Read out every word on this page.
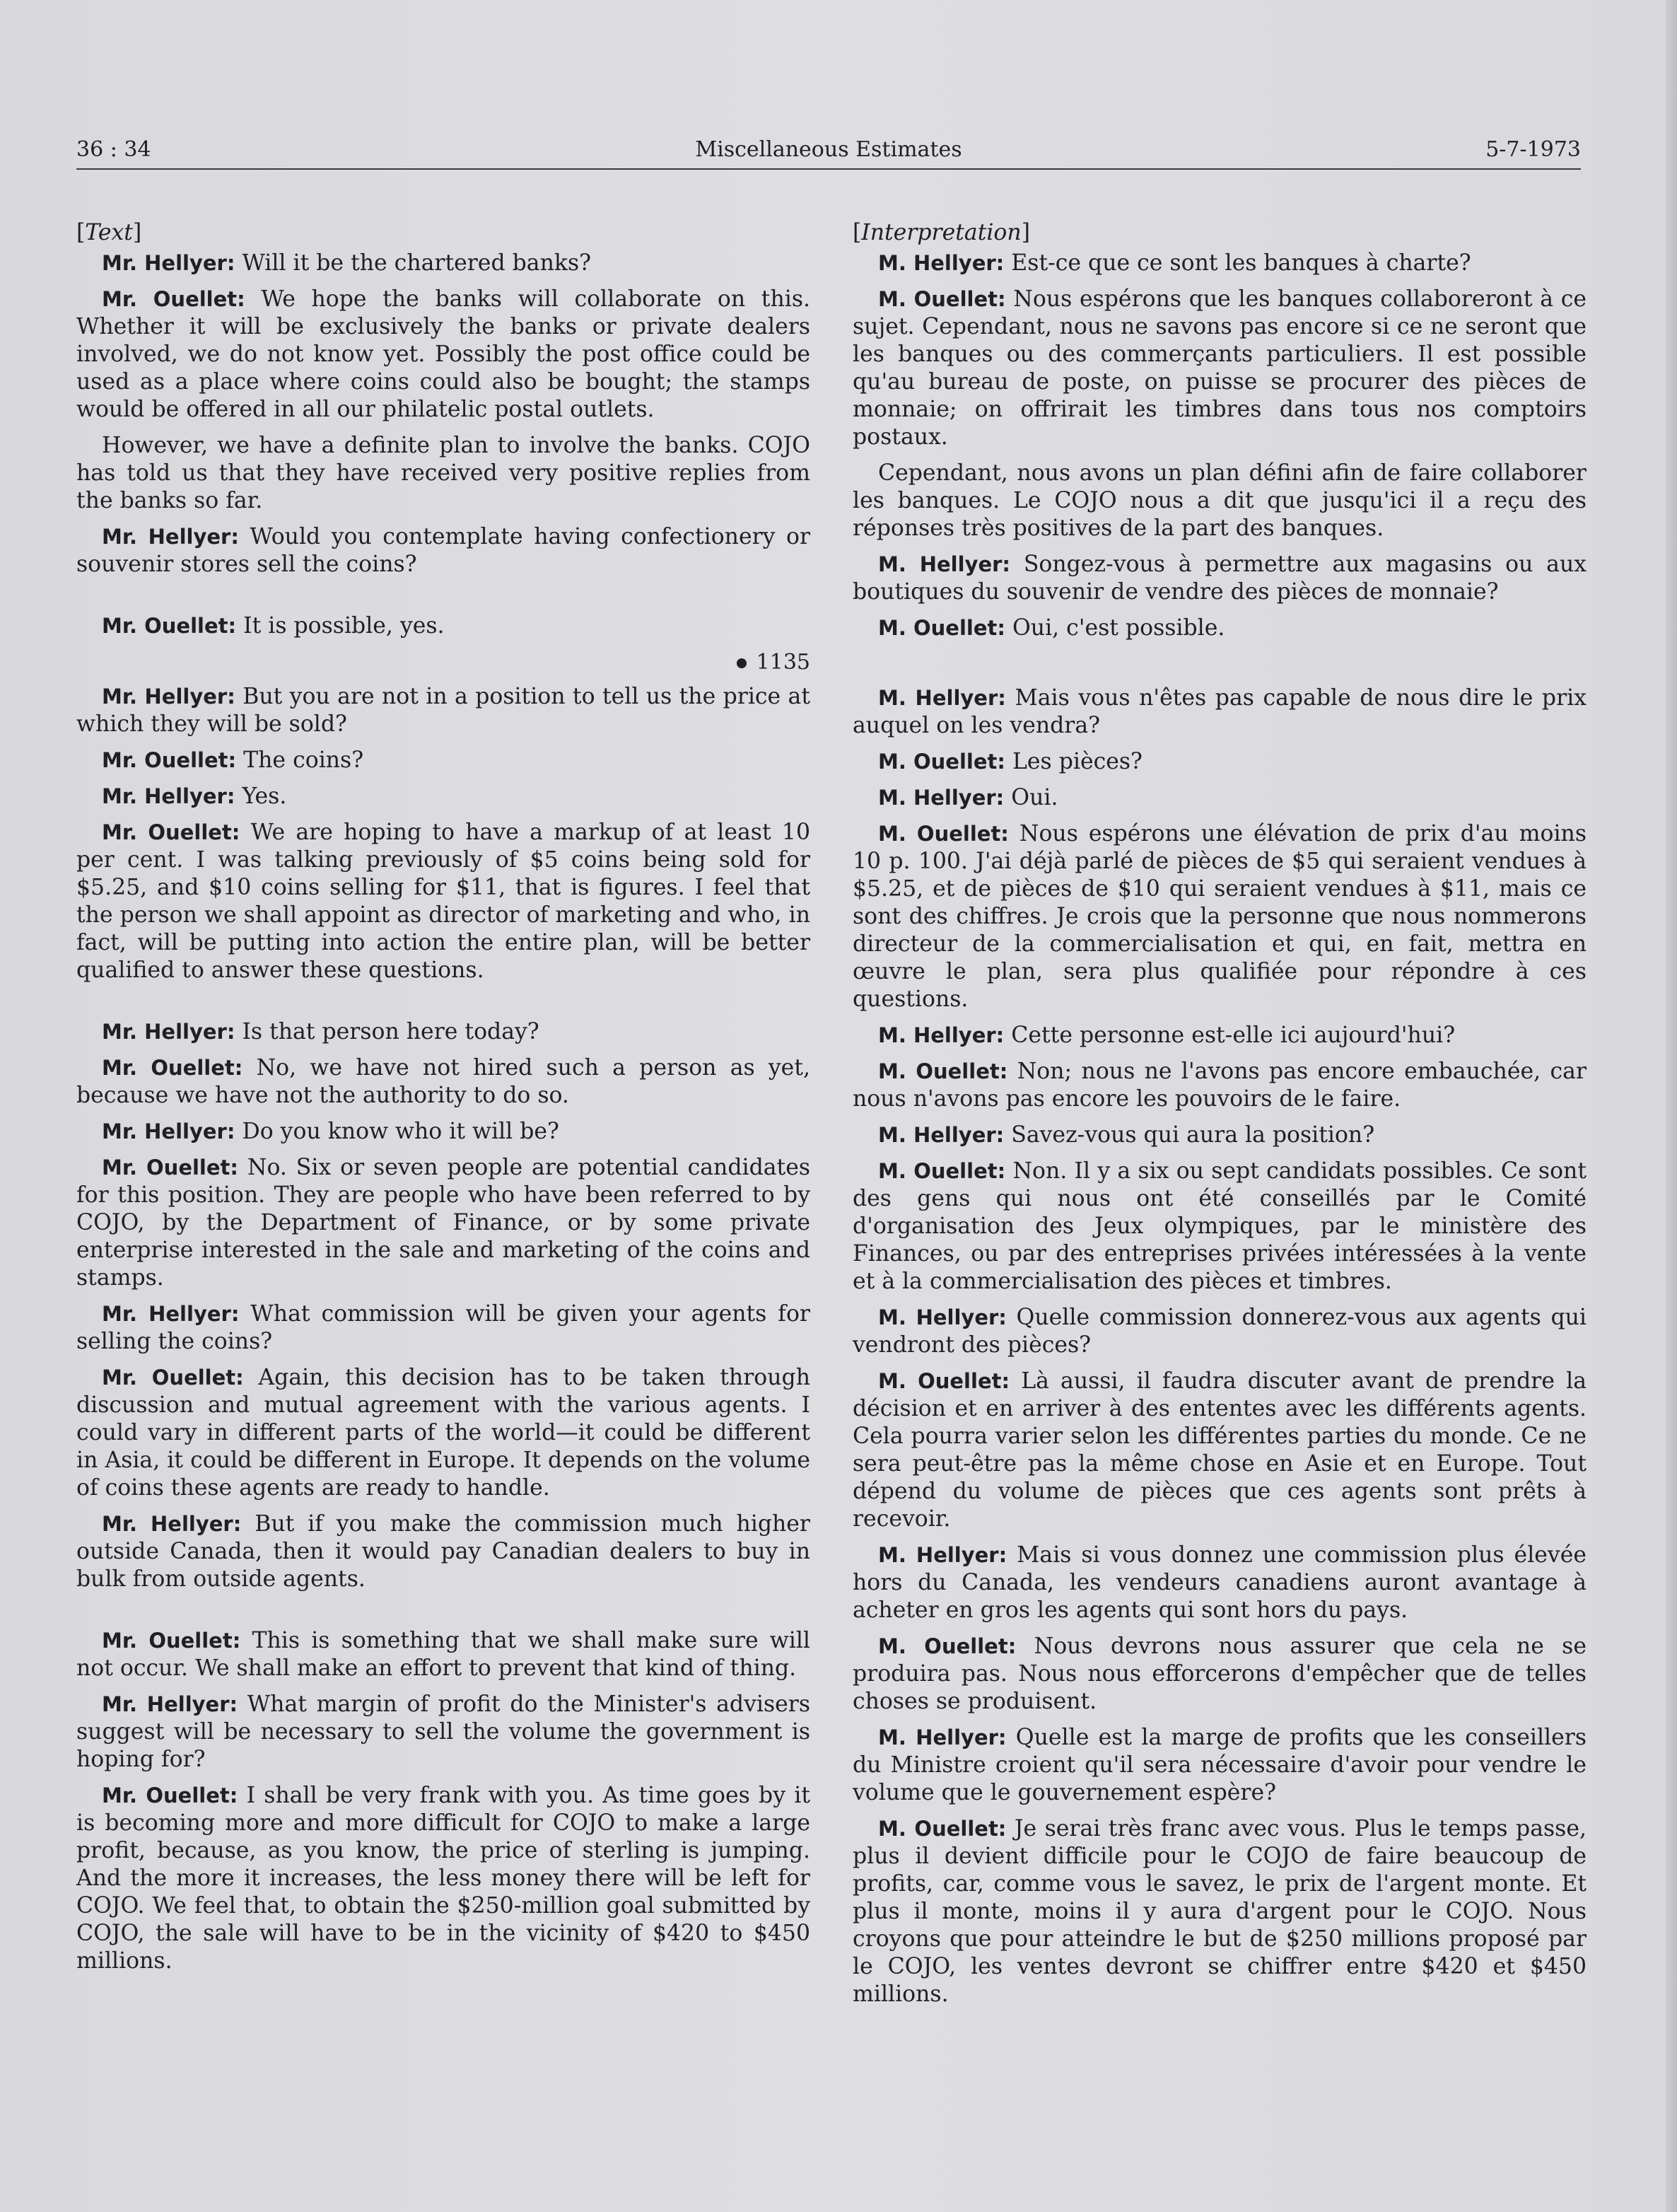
36 : 34	Miscellaneous Estimates	5-7-1973

[Text]

Mr. Hellyer: Will it be the chartered banks?

Mr. Ouellet: We hope the banks will collaborate on this. Whether it will be exclusively the banks or private dealers involved, we do not know yet. Possibly the post office could be used as a place where coins could also be bought; the stamps would be offered in all our philatelic postal outlets.

However, we have a definite plan to involve the banks. COJO has told us that they have received very positive replies from the banks so far.

Mr. Hellyer: Would you contemplate having confectionery or souvenir stores sell the coins?

Mr. Ouellet: It is possible, yes.

1135

Mr. Hellyer: But you are not in a position to tell us the price at which they will be sold?

Mr. Ouellet: The coins?

Mr. Hellyer: Yes.

Mr. Ouellet: We are hoping to have a markup of at least 10 per cent. I was talking previously of $5 coins being sold for $5.25, and $10 coins selling for $11, that is figures. I feel that the person we shall appoint as director of marketing and who, in fact, will be putting into action the entire plan, will be better qualified to answer these questions.

Mr. Hellyer: Is that person here today?

Mr. Ouellet: No, we have not hired such a person as yet, because we have not the authority to do so.

Mr. Hellyer: Do you know who it will be?

Mr. Ouellet: No. Six or seven people are potential candidates for this position. They are people who have been referred to by COJO, by the Department of Finance, or by some private enterprise interested in the sale and marketing of the coins and stamps.

Mr. Hellyer: What commission will be given your agents for selling the coins?

Mr. Ouellet: Again, this decision has to be taken through discussion and mutual agreement with the various agents. I could vary in different parts of the world—it could be different in Asia, it could be different in Europe. It depends on the volume of coins these agents are ready to handle.

Mr. Hellyer: But if you make the commission much higher outside Canada, then it would pay Canadian dealers to buy in bulk from outside agents.

Mr. Ouellet: This is something that we shall make sure will not occur. We shall make an effort to prevent that kind of thing.

Mr. Hellyer: What margin of profit do the Minister's advisers suggest will be necessary to sell the volume the government is hoping for?

Mr. Ouellet: I shall be very frank with you. As time goes by it is becoming more and more difficult for COJO to make a large profit, because, as you know, the price of sterling is jumping. And the more it increases, the less money there will be left for COJO. We feel that, to obtain the $250-million goal submitted by COJO, the sale will have to be in the vicinity of $420 to $450 millions.

[Interpretation]

M. Hellyer: Est-ce que ce sont les banques à charte?

M. Ouellet: Nous espérons que les banques collaboreront à ce sujet. Cependant, nous ne savons pas encore si ce ne seront que les banques ou des commerçants particuliers. Il est possible qu'au bureau de poste, on puisse se procurer des pièces de monnaie; on offrirait les timbres dans tous nos comptoirs postaux.

Cependant, nous avons un plan défini afin de faire collaborer les banques. Le COJO nous a dit que jusqu'ici il a reçu des réponses très positives de la part des banques.

M. Hellyer: Songez-vous à permettre aux magasins ou aux boutiques du souvenir de vendre des pièces de monnaie?

M. Ouellet: Oui, c'est possible.

M. Hellyer: Mais vous n'êtes pas capable de nous dire le prix auquel on les vendra?

M. Ouellet: Les pièces?

M. Hellyer: Oui.

M. Ouellet: Nous espérons une élévation de prix d'au moins 10 p. 100. J'ai déjà parlé de pièces de $5 qui seraient vendues à $5.25, et de pièces de $10 qui seraient vendues à $11, mais ce sont des chiffres. Je crois que la personne que nous nommerons directeur de la commercialisation et qui, en fait, mettra en œuvre le plan, sera plus qualifiée pour répondre à ces questions.

M. Hellyer: Cette personne est-elle ici aujourd'hui?

M. Ouellet: Non; nous ne l'avons pas encore embauchée, car nous n'avons pas encore les pouvoirs de le faire.

M. Hellyer: Savez-vous qui aura la position?

M. Ouellet: Non. Il y a six ou sept candidats possibles. Ce sont des gens qui nous ont été conseillés par le Comité d'organisation des Jeux olympiques, par le ministère des Finances, ou par des entreprises privées intéressées à la vente et à la commercialisation des pièces et timbres.

M. Hellyer: Quelle commission donnerez-vous aux agents qui vendront des pièces?

M. Ouellet: Là aussi, il faudra discuter avant de prendre la décision et en arriver à des ententes avec les différents agents. Cela pourra varier selon les différentes parties du monde. Ce ne sera peut-être pas la même chose en Asie et en Europe. Tout dépend du volume de pièces que ces agents sont prêts à recevoir.

M. Hellyer: Mais si vous donnez une commission plus élevée hors du Canada, les vendeurs canadiens auront avantage à acheter en gros les agents qui sont hors du pays.

M. Ouellet: Nous devrons nous assurer que cela ne se produira pas. Nous nous efforcerons d'empêcher que de telles choses se produisent.

M. Hellyer: Quelle est la marge de profits que les conseillers du Ministre croient qu'il sera nécessaire d'avoir pour vendre le volume que le gouvernement espère?

M. Ouellet: Je serai très franc avec vous. Plus le temps passe, plus il devient difficile pour le COJO de faire beaucoup de profits, car, comme vous le savez, le prix de l'argent monte. Et plus il monte, moins il y aura d'argent pour le COJO. Nous croyons que pour atteindre le but de $250 millions proposé par le COJO, les ventes devront se chiffrer entre $420 et $450 millions.
